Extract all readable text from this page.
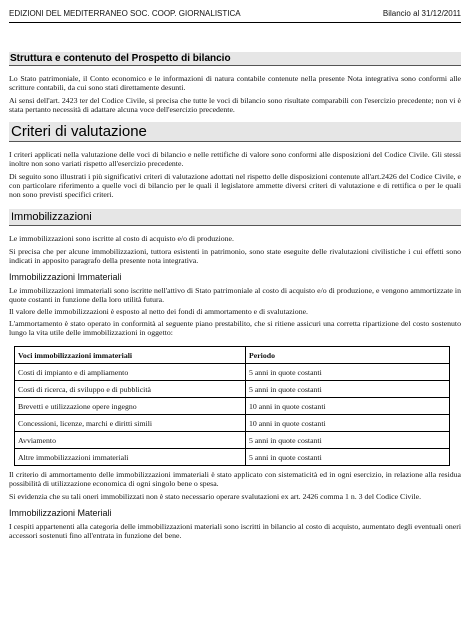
EDIZIONI DEL MEDITERRANEO SOC. COOP. GIORNALISTICA	Bilancio al 31/12/2011
Struttura e contenuto del Prospetto di bilancio

Lo Stato patrimoniale, il Conto economico e le informazioni di natura contabile contenute nella presente Nota integrativa sono conformi alle scritture contabili, da cui sono stati direttamente desunti.

Ai sensi dell'art. 2423 ter del Codice Civile, si precisa che tutte le voci di bilancio sono risultate comparabili con l'esercizio precedente; non vi è stata pertanto necessità di adattare alcuna voce dell'esercizio precedente.

Criteri di valutazione

I criteri applicati nella valutazione delle voci di bilancio e nelle rettifiche di valore sono conformi alle disposizioni del Codice Civile. Gli stessi inoltre non sono variati rispetto all'esercizio precedente.

Di seguito sono illustrati i più significativi criteri di valutazione adottati nel rispetto delle disposizioni contenute all'art.2426 del Codice Civile, e con particolare riferimento a quelle voci di bilancio per le quali il legislatore ammette diversi criteri di valutazione e di rettifica o per le quali non sono previsti specifici criteri.

Immobilizzazioni

Le immobilizzazioni sono iscritte al costo di acquisto e/o di produzione.

Si precisa che per alcune immobilizzazioni, tuttora esistenti in patrimonio, sono state eseguite delle rivalutazioni civilistiche i cui effetti sono indicati in apposito paragrafo della presente nota integrativa.

Immobilizzazioni Immateriali

Le immobilizzazioni immateriali sono iscritte nell'attivo di Stato patrimoniale al costo di acquisto e/o di produzione, e vengono ammortizzate in quote costanti in funzione della loro utilità futura.

Il valore delle immobilizzazioni è esposto al netto dei fondi di ammortamento e di svalutazione.

L'ammortamento è stato operato in conformità al seguente piano prestabilito, che si ritiene assicuri una corretta ripartizione del costo sostenuto lungo la vita utile delle immobilizzazioni in oggetto:

Voci immobilizzazioni immateriali	Periodo
Costi di impianto e di ampliamento	5 anni in quote costanti
Costi di ricerca, di sviluppo e di pubblicità	5 anni in quote costanti
Brevetti e utilizzazione opere ingegno	10 anni in quote costanti
Concessioni, licenze, marchi e diritti simili	10 anni in quote costanti
Avviamento	5 anni in quote costanti
Altre immobilizzazioni immateriali	5 anni in quote costanti

Il criterio di ammortamento delle immobilizzazioni immateriali è stato applicato con sistematicità ed in ogni esercizio, in relazione alla residua possibilità di utilizzazione economica di ogni singolo bene o spesa.

Si evidenzia che su tali oneri immobilizzati non è stato necessario operare svalutazioni ex art. 2426 comma 1 n. 3 del Codice Civile.

Immobilizzazioni Materiali

I cespiti appartenenti alla categoria delle immobilizzazioni materiali sono iscritti in bilancio al costo di acquisto, aumentato degli eventuali oneri accessori sostenuti fino all'entrata in funzione del bene.
